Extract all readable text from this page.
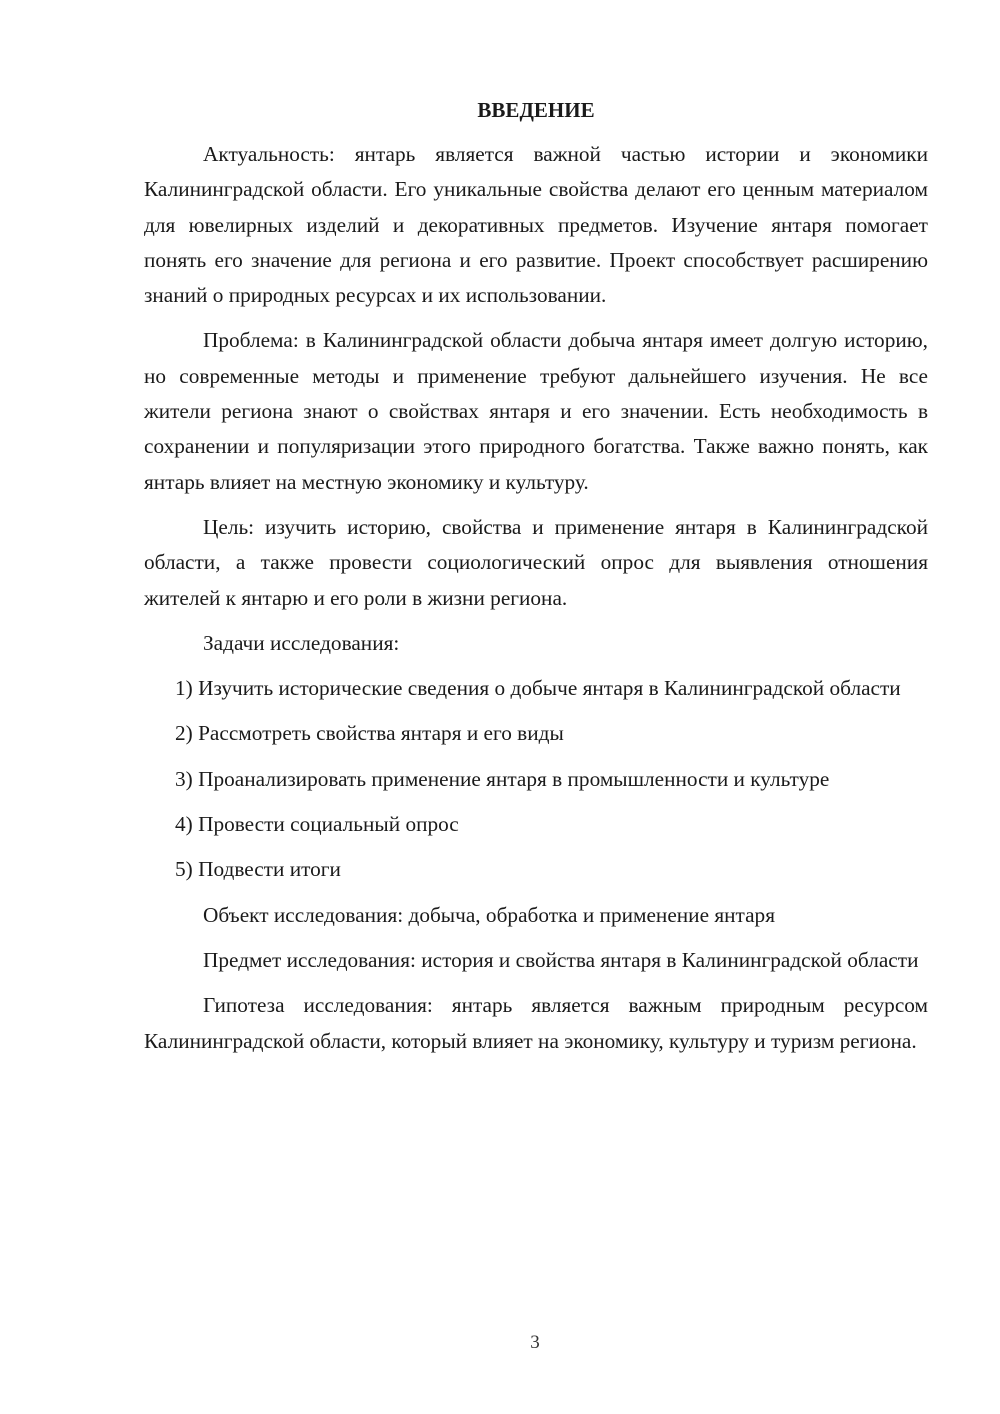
ВВЕДЕНИЕ

Актуальность: янтарь является важной частью истории и экономики Калининградской области. Его уникальные свойства делают его ценным материалом для ювелирных изделий и декоративных предметов. Изучение янтаря помогает понять его значение для региона и его развитие. Проект способствует расширению знаний о природных ресурсах и их использовании.

Проблема: в Калининградской области добыча янтаря имеет долгую историю, но современные методы и применение требуют дальнейшего изучения. Не все жители региона знают о свойствах янтаря и его значении. Есть необходимость в сохранении и популяризации этого природного богатства. Также важно понять, как янтарь влияет на местную экономику и культуру.

Цель: изучить историю, свойства и применение янтаря в Калининградской области, а также провести социологический опрос для выявления отношения жителей к янтарю и его роли в жизни региона.

Задачи исследования:

1) Изучить исторические сведения о добыче янтаря в Калининградской области

2) Рассмотреть свойства янтаря и его виды

3) Проанализировать применение янтаря в промышленности и культуре

4) Провести социальный опрос

5) Подвести итоги

Объект исследования: добыча, обработка и применение янтаря

Предмет исследования: история и свойства янтаря в Калининградской области

Гипотеза исследования: янтарь является важным природным ресурсом Калининградской области, который влияет на экономику, культуру и туризм региона.

3
